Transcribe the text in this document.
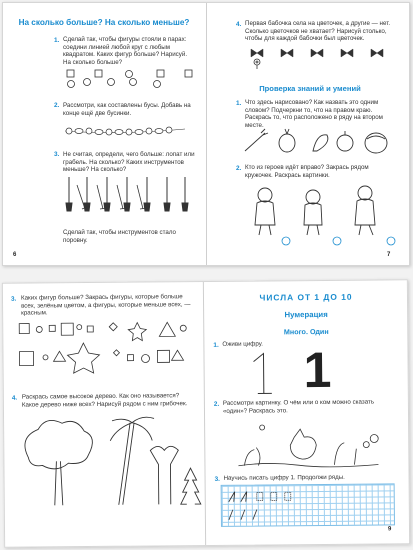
На сколько больше? На сколько меньше?
1. Сделай так, чтобы фигуры стояли в парах: соедини линией любой круг с любым квадратом. Каких фигур больше? Нарисуй.
На сколько больше?
2. Рассмотри, как составлены бусы. Добавь на конце ещё две бусинки.
3. Не считая, определи, чего больше: лопат или грабель. На сколько? Каких инструментов меньше? На сколько?
Сделай так, чтобы инструментов стало поровну.
6
4. Первая бабочка села на цветочек, а другие — нет. Сколько цветочков не хватает? Нарисуй столько, чтобы для каждой бабочки был цветочек.
Проверка знаний и умений
1. Что здесь нарисовано? Как назвать это одним словом? Подчеркни то, что на правом краю. Раскрась то, что расположено в ряду на втором месте.
2. Кто из героев идёт вправо? Закрась рядом кружочек. Раскрась картинки.
7
3. Каких фигур больше? Закрась фигуры, которые больше всех, зелёным цветом, а фигуры, которые меньше всех, — красным.
4. Раскрась самое высокое дерево. Как оно называется? Какое дерево ниже всех? Нарисуй рядом с ним грибочек.
ЧИСЛА ОТ 1 ДО 10
Нумерация
Много. Один
1. Оживи цифру. 1
2. Рассмотри картинку. О чём или о ком можно сказать «один»? Раскрась это.
3. Научись писать цифру 1. Продолжи ряды.
9
